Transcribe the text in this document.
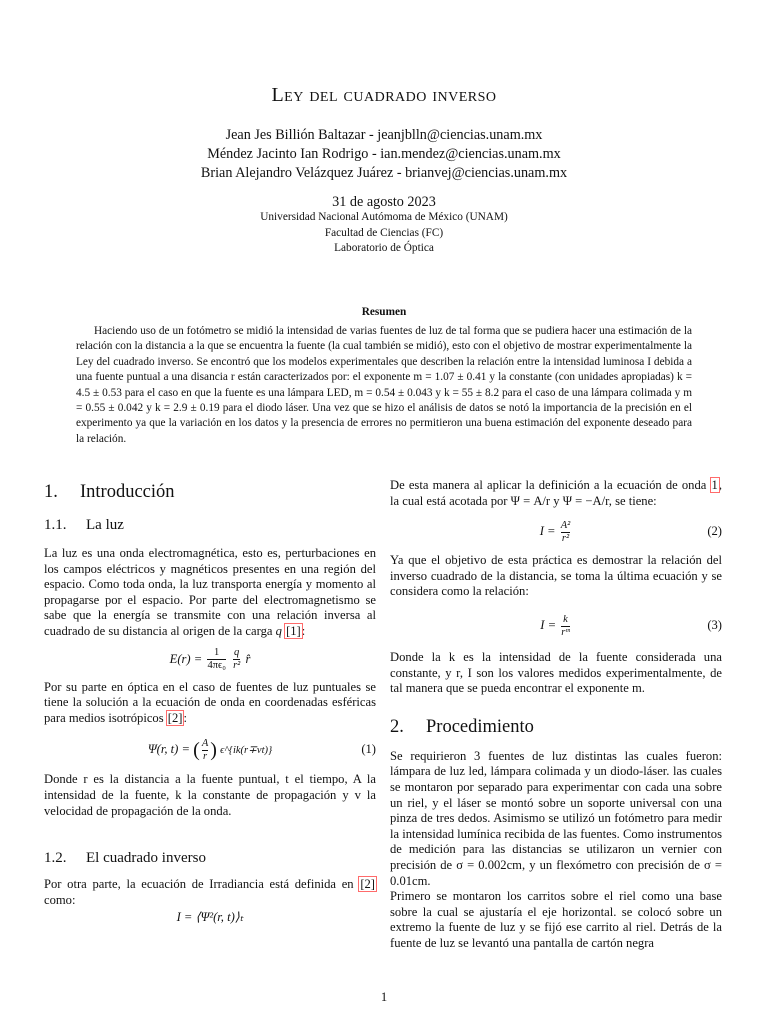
Ley del cuadrado inverso
Jean Jes Billión Baltazar - jeanjblln@ciencias.unam.mx
Méndez Jacinto Ian Rodrigo - ian.mendez@ciencias.unam.mx
Brian Alejandro Velázquez Juárez - brianvej@ciencias.unam.mx
31 de agosto 2023
Universidad Nacional Autómoma de México (UNAM)
Facultad de Ciencias (FC)
Laboratorio de Óptica
Resumen

Haciendo uso de un fotómetro se midió la intensidad de varias fuentes de luz de tal forma que se pudiera hacer una estimación de la relación con la distancia a la que se encuentra la fuente (la cual también se midió), esto con el objetivo de mostrar experimentalmente la Ley del cuadrado inverso. Se encontró que los modelos experimentales que describen la relación entre la intensidad luminosa I debida a una fuente puntual a una disancia r están caracterizados por: el exponente m = 1.07 ± 0.41 y la constante (con unidades apropiadas) k = 4.5 ± 0.53 para el caso en que la fuente es una lámpara LED, m = 0.54 ± 0.043 y k = 55 ± 8.2 para el caso de una lámpara colimada y m = 0.55 ± 0.042 y k = 2.9 ± 0.19 para el diodo láser. Una vez que se hizo el análisis de datos se notó la importancia de la precisión en el experimento ya que la variación en los datos y la presencia de errores no permitieron una buena estimación del exponente deseado para la relación.

1. Introducción
1.1. La luz

La luz es una onda electromagnética, esto es, perturbaciones en los campos eléctricos y magnéticos presentes en una región del espacio. Como toda onda, la luz transporta energía y momento al propagarse por el espacio. Por parte del electromagnetismo se sabe que la energía se transmite con una relación inversa al cuadrado de su distancia al origen de la carga q [1]:

$E(r) = \frac{1}{\text{4πϵ₀}}$
$\frac{q}{\text{r²}}$ r̂

Por su parte en óptica en el caso de fuentes de luz puntuales se tiene la solución a la ecuación de onda en coordenadas esféricas para medios isotrópicos [2]:

Ψ(r, t) = ( $\frac{A}{r}$ ) ϵ^{ik(r∓vt)}	(1)

Donde r es la distancia a la fuente puntual, t el tiempo, A la intensidad de la fuente, k la constante de propagación y v la velocidad de propagación de la onda.

1.2. El cuadrado inverso

Por otra parte, la ecuación de Irradiancia está definida en [2] como:

I = ⟨Ψ²(r, t)⟩ₜ

De esta manera al aplicar la definición a la ecuación de onda 1, la cual está acotada por Ψ = A/r y Ψ = −A/r, se tiene:

$I = \frac{\text{A²}}{\text{r²}}$	(2)

Ya que el objetivo de esta práctica es demostrar la relación del inverso cuadrado de la distancia, se toma la última ecuación y se considera como la relación:

$I = \frac{k}{\text{rᵐ}}$	(3)

Donde la k es la intensidad de la fuente considerada una constante, y r, I son los valores medidos experimentalmente, de tal manera que se pueda encontrar el exponente m.

2. Procedimiento

Se requirieron 3 fuentes de luz distintas las cuales fueron: lámpara de luz led, lámpara colimada y un diodo-láser. las cuales se montaron por separado para experimentar con cada una sobre un riel, y el láser se montó sobre un soporte universal con una pinza de tres dedos. Asimismo se utilizó un fotómetro para medir la intensidad lumínica recibida de las fuentes. Como instrumentos de medición para las distancias se utilizaron un vernier con precisión de σ = 0.002cm, y un flexómetro con precisión de σ = 0.01cm.

Primero se montaron los carritos sobre el riel como una base sobre la cual se ajustaría el eje horizontal. se colocó sobre un extremo la fuente de luz y se fijó ese carrito al riel. Detrás de la fuente de luz se levantó una pantalla de cartón negra

1
